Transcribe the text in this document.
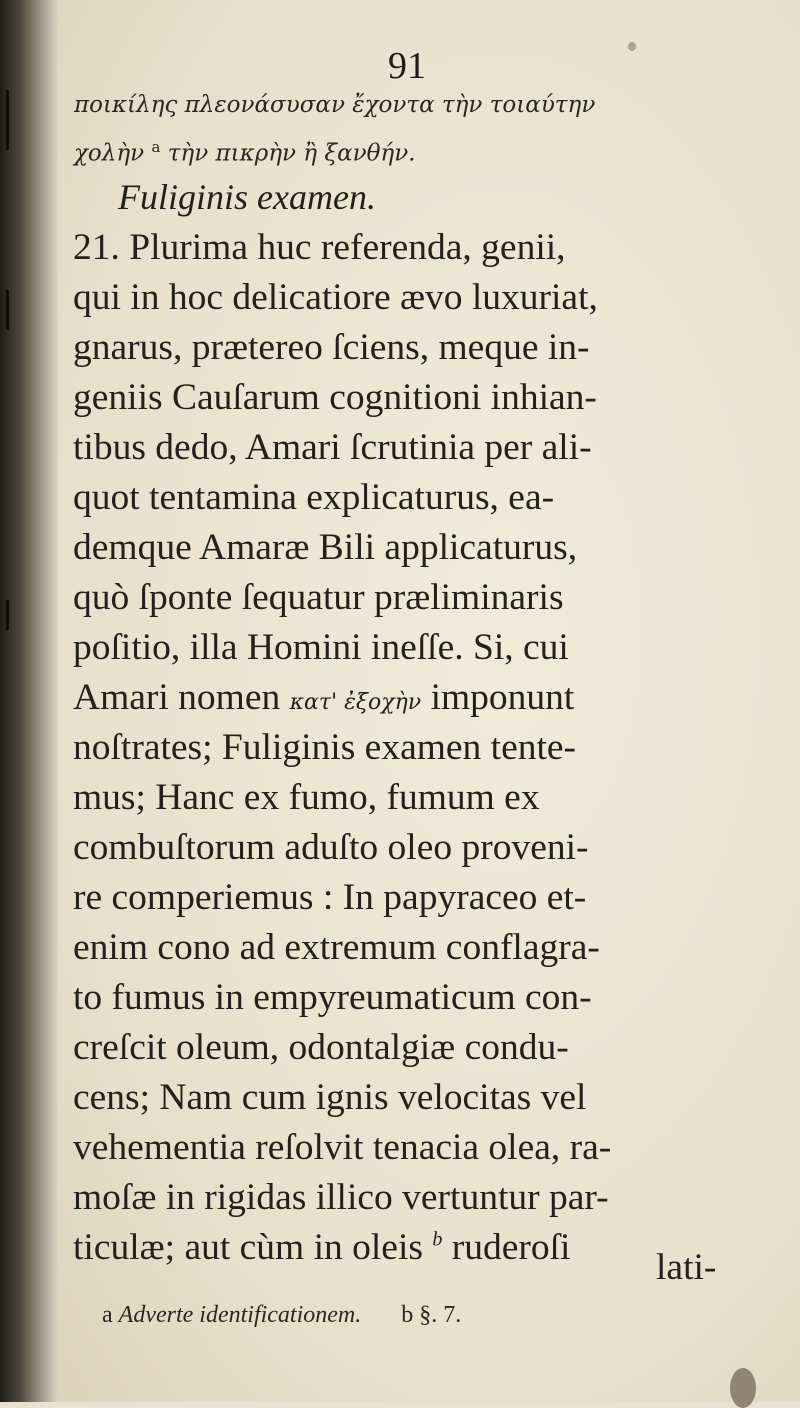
91
ποικίλης πλεονάσυσαν ἔχοντα τὴν τοιαύτην
χολὴν $^a$ τὴν πικρὴν ἢ ξανθήν.
Fuliginis examen.
21. Plurima huc referenda, genii,
qui in hoc delicatiore ævo luxuriat,
gnarus, prætereo ſciens, meque in-
geniis Cauſarum cognitioni inhian-
tibus dedo, Amari ſcrutinia per ali-
quot tentamina explicaturus, ea-
demque Amaræ Bili applicaturus,
quò ſponte ſequatur præliminaris
poſitio, illa Homini ineſſe. Si, cui
Amari nomen κατ' ἐξοχὴν imponunt
noſtrates; Fuliginis examen tente-
mus; Hanc ex fumo, fumum ex
combuſtorum aduſto oleo proveni-
re comperiemus : In papyraceo et-
enim cono ad extremum conflagra-
to fumus in empyreumaticum con-
creſcit oleum, odontalgiæ condu-
cens; Nam cum ignis velocitas vel
vehementia reſolvit tenacia olea, ra-
moſæ in rigidas illico vertuntur par-
ticulæ; aut cùm in oleis $^b$ ruderoſi lati-
a Adverte identificationem. b §. 7.
